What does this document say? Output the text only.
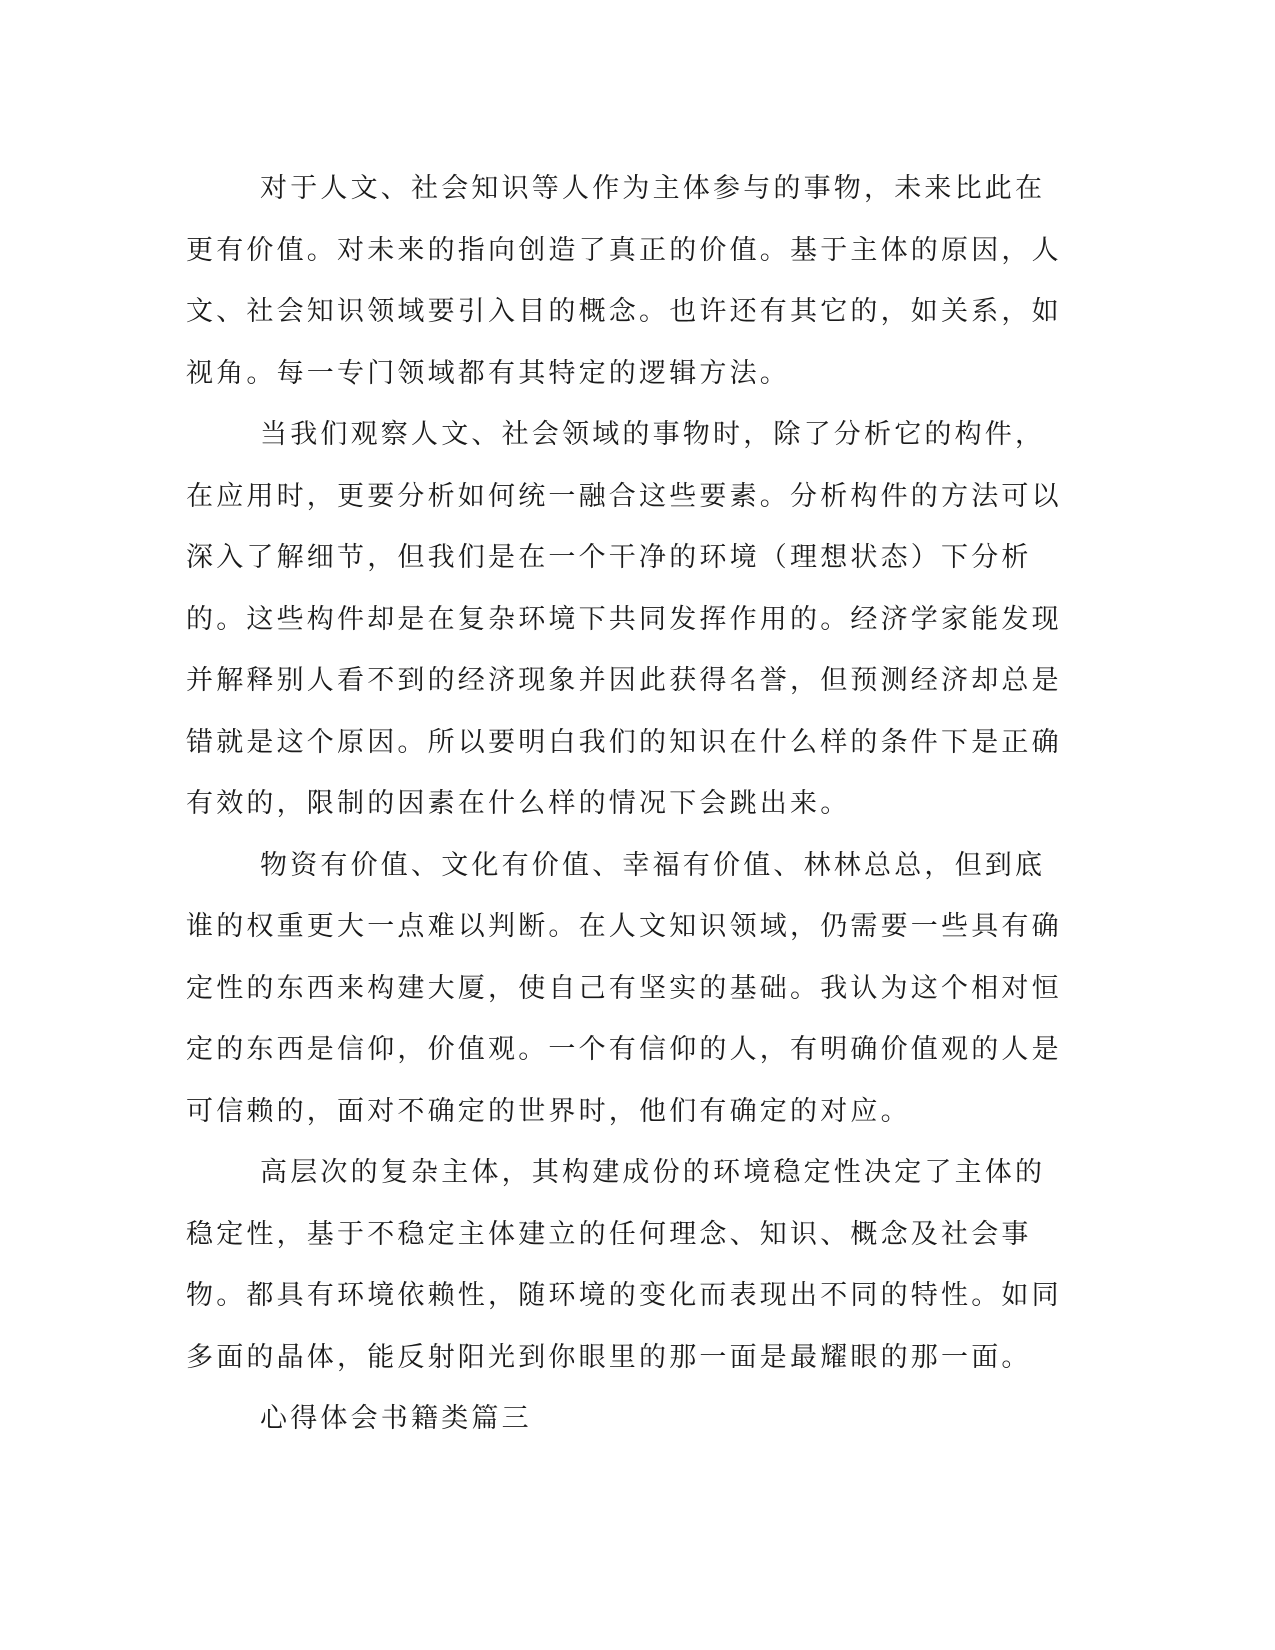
对于人文、社会知识等人作为主体参与的事物，未来比此在更有价值。对未来的指向创造了真正的价值。基于主体的原因，人文、社会知识领域要引入目的概念。也许还有其它的，如关系，如视角。每一专门领域都有其特定的逻辑方法。

当我们观察人文、社会领域的事物时，除了分析它的构件，在应用时，更要分析如何统一融合这些要素。分析构件的方法可以深入了解细节，但我们是在一个干净的环境（理想状态）下分析的。这些构件却是在复杂环境下共同发挥作用的。经济学家能发现并解释别人看不到的经济现象并因此获得名誉，但预测经济却总是错就是这个原因。所以要明白我们的知识在什么样的条件下是正确有效的，限制的因素在什么样的情况下会跳出来。

物资有价值、文化有价值、幸福有价值、林林总总，但到底谁的权重更大一点难以判断。在人文知识领域，仍需要一些具有确定性的东西来构建大厦，使自己有坚实的基础。我认为这个相对恒定的东西是信仰，价值观。一个有信仰的人，有明确价值观的人是可信赖的，面对不确定的世界时，他们有确定的对应。

高层次的复杂主体，其构建成份的环境稳定性决定了主体的稳定性，基于不稳定主体建立的任何理念、知识、概念及社会事物。都具有环境依赖性，随环境的变化而表现出不同的特性。如同多面的晶体，能反射阳光到你眼里的那一面是最耀眼的那一面。

心得体会书籍类篇三
